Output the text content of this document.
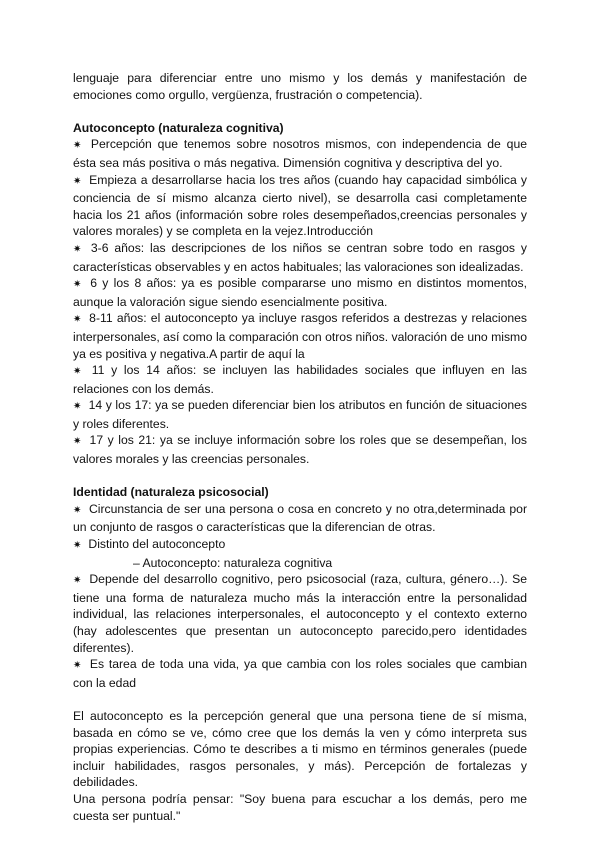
lenguaje para diferenciar entre uno mismo y los demás y manifestación de emociones como orgullo, vergüenza, frustración o competencia).

Autoconcepto (naturaleza cognitiva)

✷ Percepción que tenemos sobre nosotros mismos, con independencia de que ésta sea más positiva o más negativa. Dimensión cognitiva y descriptiva del yo.

✷ Empieza a desarrollarse hacia los tres años (cuando hay capacidad simbólica y conciencia de sí mismo alcanza cierto nivel), se desarrolla casi completamente hacia los 21 años (información sobre roles desempeñados,creencias personales y valores morales) y se completa en la vejez.Introducción

✷ 3-6 años: las descripciones de los niños se centran sobre todo en rasgos y características observables y en actos habituales; las valoraciones son idealizadas.

✷ 6 y los 8 años: ya es posible compararse uno mismo en distintos momentos, aunque la valoración sigue siendo esencialmente positiva.

✷ 8-11 años: el autoconcepto ya incluye rasgos referidos a destrezas y relaciones interpersonales, así como la comparación con otros niños. valoración de uno mismo ya es positiva y negativa.A partir de aquí la

✷ 11 y los 14 años: se incluyen las habilidades sociales que influyen en las relaciones con los demás.

✷ 14 y los 17: ya se pueden diferenciar bien los atributos en función de situaciones y roles diferentes.

✷ 17 y los 21: ya se incluye información sobre los roles que se desempeñan, los valores morales y las creencias personales.

Identidad (naturaleza psicosocial)

✷ Circunstancia de ser una persona o cosa en concreto y no otra,determinada por un conjunto de rasgos o características que la diferencian de otras.

✷ Distinto del autoconcepto

– Autoconcepto: naturaleza cognitiva

✷ Depende del desarrollo cognitivo, pero psicosocial (raza, cultura, género…). Se tiene una forma de naturaleza mucho más la interacción entre la personalidad individual, las relaciones interpersonales, el autoconcepto y el contexto externo (hay adolescentes que presentan un autoconcepto parecido,pero identidades diferentes).

✷ Es tarea de toda una vida, ya que cambia con los roles sociales que cambian con la edad

El autoconcepto es la percepción general que una persona tiene de sí misma, basada en cómo se ve, cómo cree que los demás la ven y cómo interpreta sus propias experiencias. Cómo te describes a ti mismo en términos generales (puede incluir habilidades, rasgos personales, y más). Percepción de fortalezas y debilidades.

Una persona podría pensar: "Soy buena para escuchar a los demás, pero me cuesta ser puntual."
